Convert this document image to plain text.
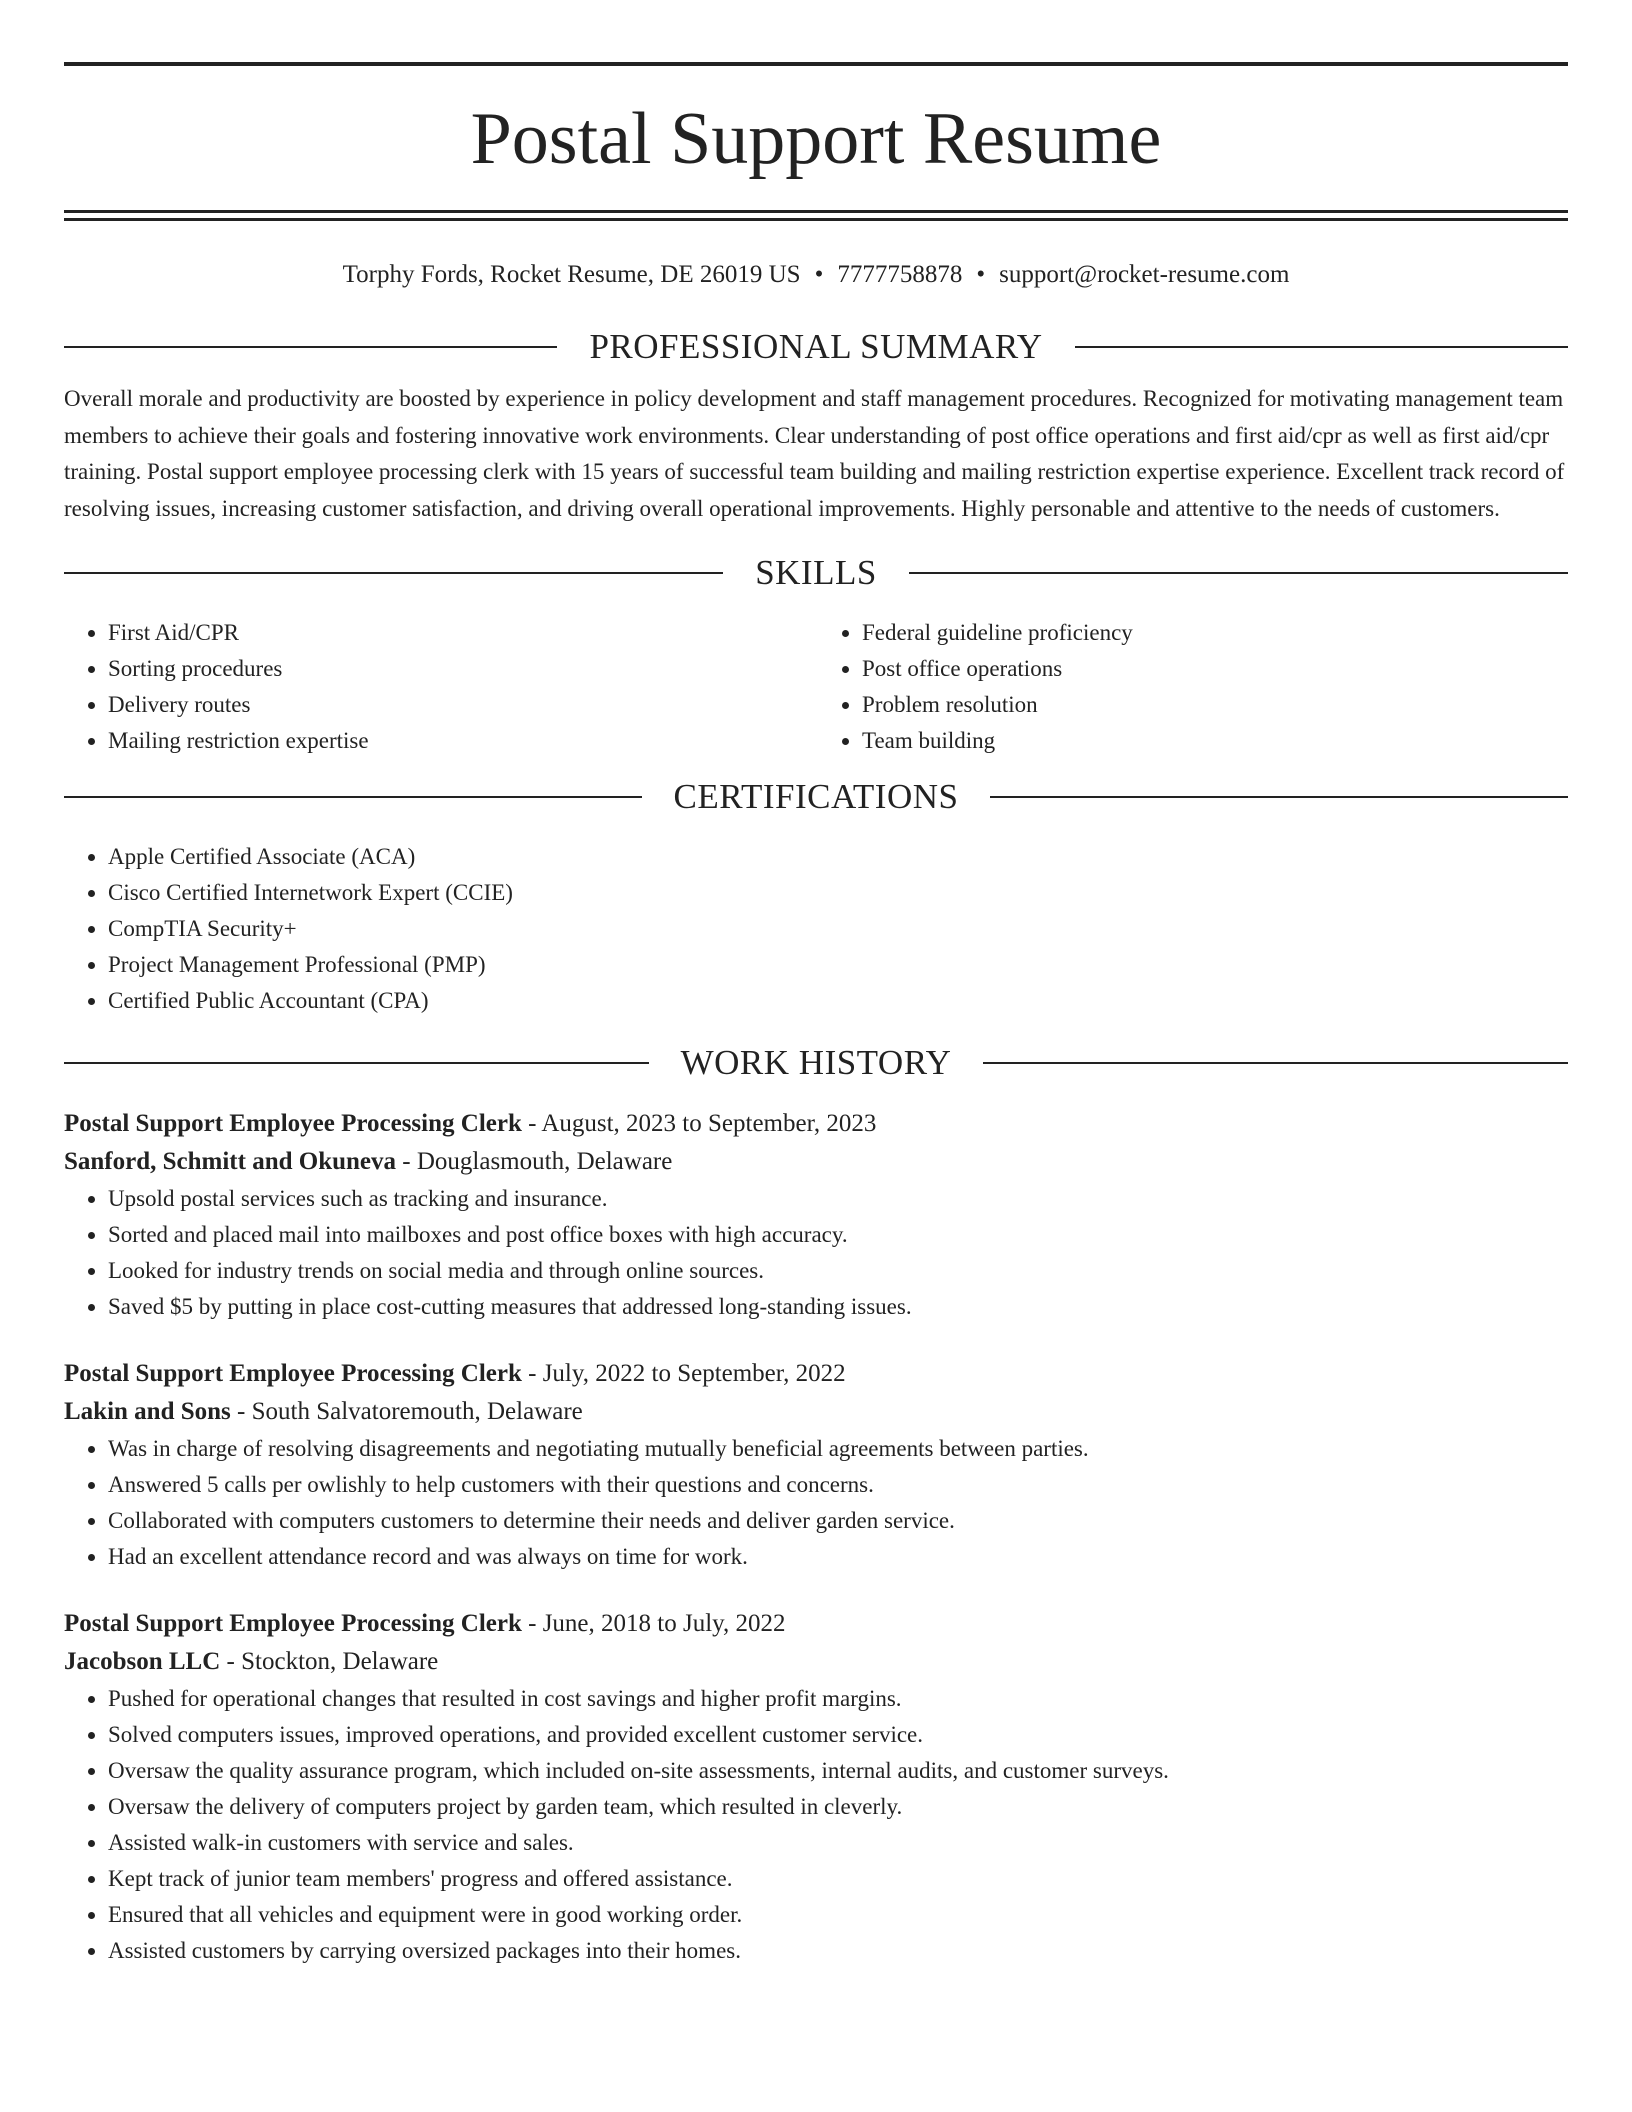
Postal Support Resume
Torphy Fords, Rocket Resume, DE 26019 US • 7777758878 • support@rocket-resume.com
PROFESSIONAL SUMMARY
Overall morale and productivity are boosted by experience in policy development and staff management procedures. Recognized for motivating management team members to achieve their goals and fostering innovative work environments. Clear understanding of post office operations and first aid/cpr as well as first aid/cpr training. Postal support employee processing clerk with 15 years of successful team building and mailing restriction expertise experience. Excellent track record of resolving issues, increasing customer satisfaction, and driving overall operational improvements. Highly personable and attentive to the needs of customers.
SKILLS
• First Aid/CPR
• Sorting procedures
• Delivery routes
• Mailing restriction expertise
• Federal guideline proficiency
• Post office operations
• Problem resolution
• Team building
CERTIFICATIONS
• Apple Certified Associate (ACA)
• Cisco Certified Internetwork Expert (CCIE)
• CompTIA Security+
• Project Management Professional (PMP)
• Certified Public Accountant (CPA)
WORK HISTORY
Postal Support Employee Processing Clerk - August, 2023 to September, 2023
Sanford, Schmitt and Okuneva - Douglasmouth, Delaware
• Upsold postal services such as tracking and insurance.
• Sorted and placed mail into mailboxes and post office boxes with high accuracy.
• Looked for industry trends on social media and through online sources.
• Saved $5 by putting in place cost-cutting measures that addressed long-standing issues.
Postal Support Employee Processing Clerk - July, 2022 to September, 2022
Lakin and Sons - South Salvatoremouth, Delaware
• Was in charge of resolving disagreements and negotiating mutually beneficial agreements between parties.
• Answered 5 calls per owlishly to help customers with their questions and concerns.
• Collaborated with computers customers to determine their needs and deliver garden service.
• Had an excellent attendance record and was always on time for work.
Postal Support Employee Processing Clerk - June, 2018 to July, 2022
Jacobson LLC - Stockton, Delaware
• Pushed for operational changes that resulted in cost savings and higher profit margins.
• Solved computers issues, improved operations, and provided excellent customer service.
• Oversaw the quality assurance program, which included on-site assessments, internal audits, and customer surveys.
• Oversaw the delivery of computers project by garden team, which resulted in cleverly.
• Assisted walk-in customers with service and sales.
• Kept track of junior team members' progress and offered assistance.
• Ensured that all vehicles and equipment were in good working order.
• Assisted customers by carrying oversized packages into their homes.
